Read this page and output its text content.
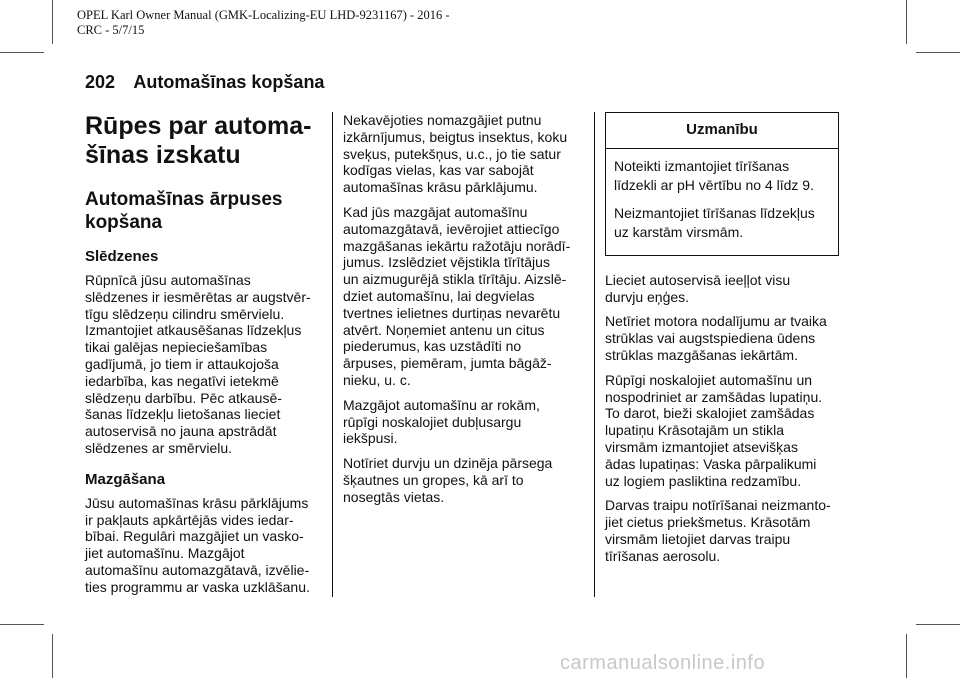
OPEL Karl Owner Manual (GMK-Localizing-EU LHD-9231167) - 2016 -
CRC - 5/7/15
202 Automašīnas kopšana
Rūpes par automa-
šīnas izskatu
Automašīnas ārpuses
kopšana
Slēdzenes
Rūpnīcā jūsu automašīnas
slēdzenes ir iesmērētas ar augstvēr-
tīgu slēdzeņu cilindru smērvielu.
Izmantojiet atkausēšanas līdzekļus
tikai galējas nepieciešamības
gadījumā, jo tiem ir attaukojoša
iedarbība, kas negatīvi ietekmē
slēdzeņu darbību. Pēc atkausē-
šanas līdzekļu lietošanas lieciet
autoservisā no jauna apstrādāt
slēdzenes ar smērvielu.
Mazgāšana
Jūsu automašīnas krāsu pārklājums
ir pakļauts apkārtējās vides iedar-
bībai. Regulāri mazgājiet un vasko-
jiet automašīnu. Mazgājot
automašīnu automazgātavā, izvēlie-
ties programmu ar vaska uzklāšanu.
Nekavējoties nomazgājiet putnu
izkārnījumus, beigtus insektus, koku
sveķus, putekšņus, u.c., jo tie satur
kodīgas vielas, kas var sabojāt
automašīnas krāsu pārklājumu.
Kad jūs mazgājat automašīnu
automazgātavā, ievērojiet attiecīgo
mazgāšanas iekārtu ražotāju norādī-
jumus. Izslēdziet vējstikla tīrītājus
un aizmugurējā stikla tīrītāju. Aizslē-
dziet automašīnu, lai degvielas
tvertnes ielietnes durtiņas nevarētu
atvērt. Noņemiet antenu un citus
piederumus, kas uzstādīti no
ārpuses, piemēram, jumta bāgāž-
nieku, u. c.
Mazgājot automašīnu ar rokām,
rūpīgi noskalojiet dubļusargu
iekšpusi.
Notīriet durvju un dzinēja pārsega
šķautnes un gropes, kā arī to
nosegtās vietas.
Uzmanību
Noteikti izmantojiet tīrīšanas
līdzekli ar pH vērtību no 4 līdz 9.
Neizmantojiet tīrīšanas līdzekļus
uz karstām virsmām.
Lieciet autoservisā ieeļļot visu
durvju eņģes.
Netīriet motora nodalījumu ar tvaika
strūklas vai augstspiediena ūdens
strūklas mazgāšanas iekārtām.
Rūpīgi noskalojiet automašīnu un
nospodriniet ar zamšādas lupatiņu.
To darot, bieži skalojiet zamšādas
lupatiņu Krāsotajām un stikla
virsmām izmantojiet atsevišķas
ādas lupatiņas: Vaska pārpalikumi
uz logiem pasliktina redzamību.
Darvas traipu notīrīšanai neizmanto-
jiet cietus priekšmetus. Krāsotām
virsmām lietojiet darvas traipu
tīrīšanas aerosolu.
carmanualsonline.info
